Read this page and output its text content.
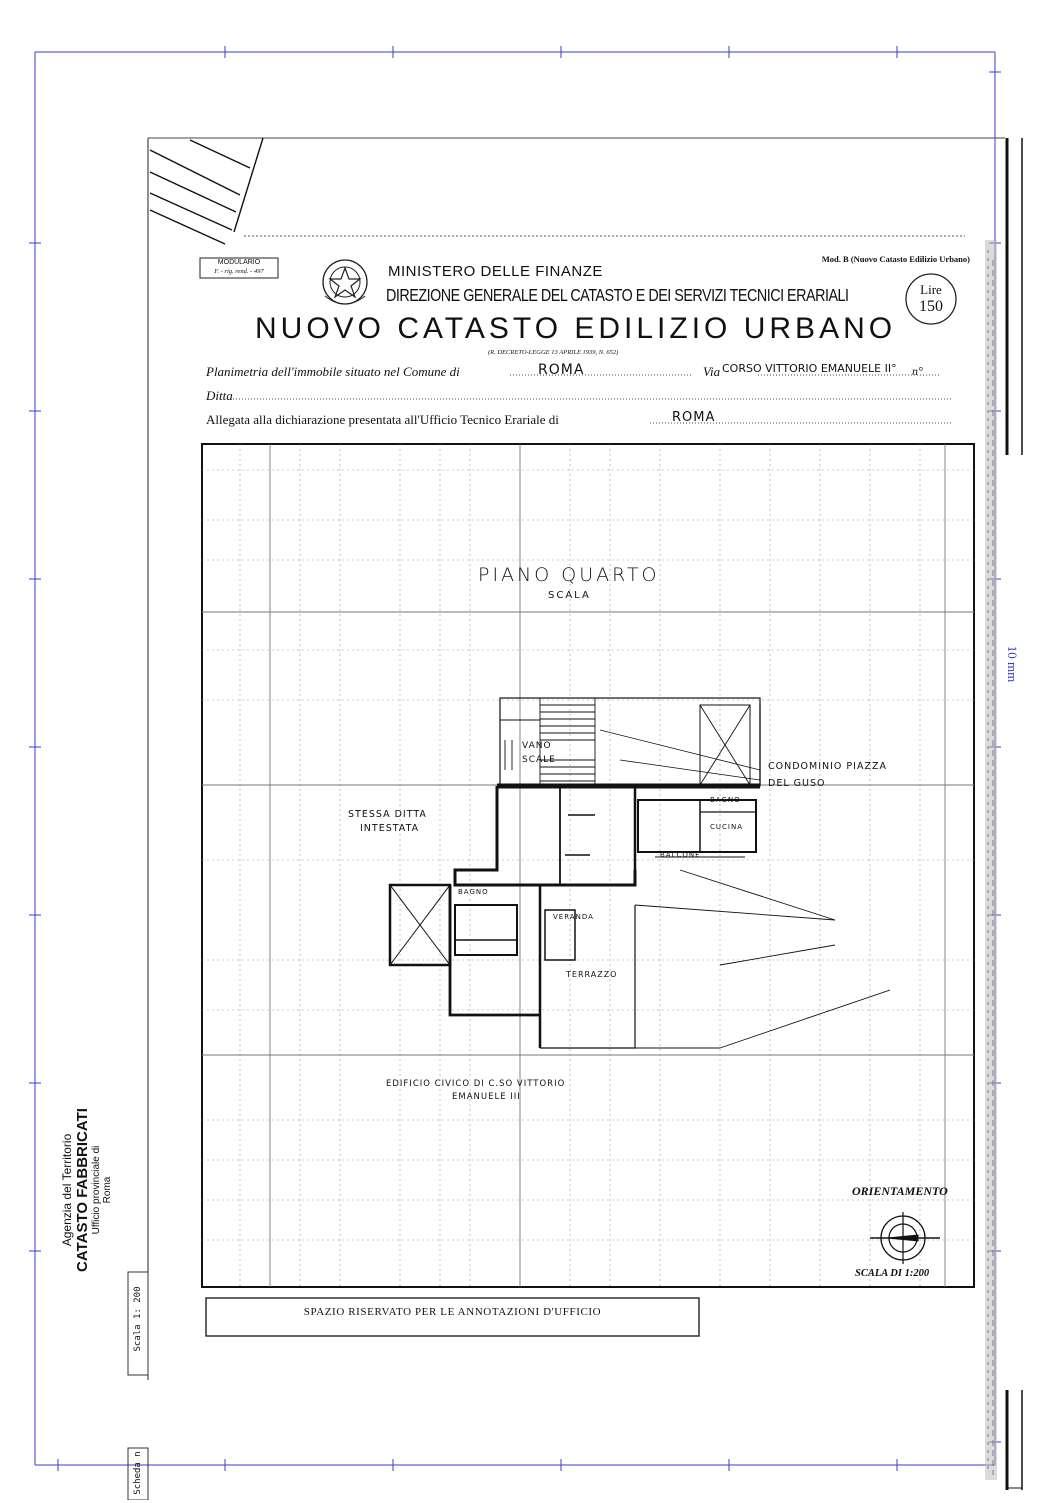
Agenzia del Territorio CATASTO FABBRICATI Ufficio provinciale di Roma
Scala 1: 200
Scheda n
10 mm
MODULARIO
F. - rig. rend. - 497
Mod. B (Nuovo Catasto Edilizio Urbano)
MINISTERO DELLE FINANZE
DIREZIONE GENERALE DEL CATASTO E DEI SERVIZI TECNICI ERARIALI	Lire
150
NUOVO CATASTO EDILIZIO URBANO
(R. DECRETO-LEGGE 13 APRILE 1939, N. 652)
Planimetria dell'immobile situato nel Comune di	ROMA	Via CORSO VITTORIO EMANUELE II° n°
Ditta
Allegata alla dichiarazione presentata all'Ufficio Tecnico Erariale di	ROMA
PIANO QUARTO
SCALA
VANO
SCALE
CONDOMINIO PIAZZA
DEL GUSO
STESSA DITTA
INTESTATA
BAGNO
CUCINA
BALCONE
BAGNO
VERANDA
TERRAZZO
EDIFICIO CIVICO DI C.SO VITTORIO
EMANUELE III
ORIENTAMENTO
SCALA DI 1:200
SPAZIO RISERVATO PER LE ANNOTAZIONI D'UFFICIO
